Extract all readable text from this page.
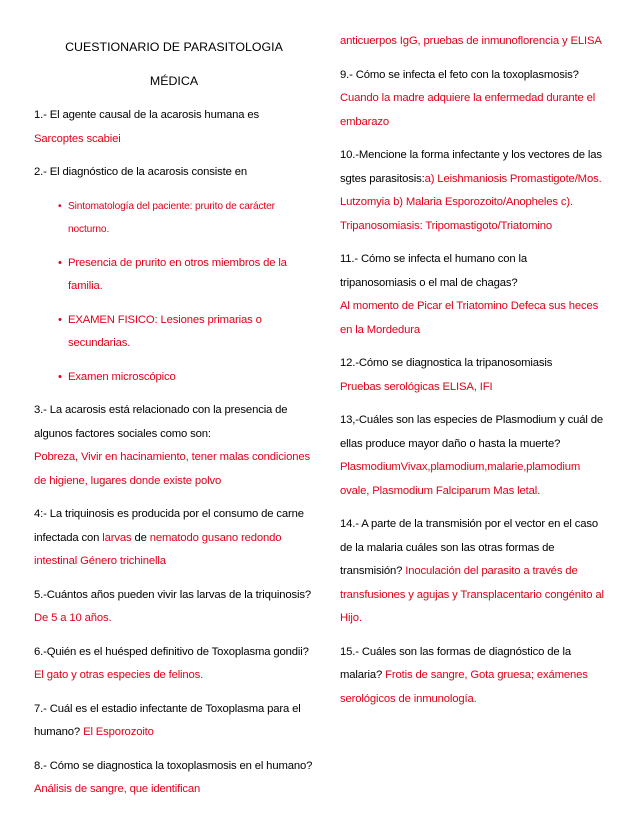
CUESTIONARIO DE PARASITOLOGIA
MÉDICA

1.- El agente causal de la acarosis humana es
Sarcoptes scabiei

2.- El diagnóstico de la acarosis consiste en

• Sintomatología del paciente: prurito de carácter nocturno.
• Presencia de prurito en otros miembros de la familia.
• EXAMEN FISICO: Lesiones primarias o secundarias.
• Examen microscópico

3.- La acarosis está relacionado con la presencia de algunos factores sociales como son:
Pobreza, Vivir en hacinamiento, tener malas condiciones de higiene, lugares donde existe polvo

4:- La triquinosis es producida por el consumo de carne infectada con larvas de nematodo gusano redondo intestinal Género trichinella

5.-Cuántos años pueden vivir las larvas de la triquinosis? De 5 a 10 años.

6.-Quién es el huésped definitivo de Toxoplasma gondii? El gato y otras especies de felinos.

7.- Cuál es el estadio infectante de Toxoplasma para el humano? El Esporozoito

8.- Cómo se diagnostica la toxoplasmosis en el humano? Análisis de sangre, que identifican

anticuerpos IgG, pruebas de inmunoflorencia y ELISA

9.- Cómo se infecta el feto con la toxoplasmosis?
Cuando la madre adquiere la enfermedad durante el embarazo

10.-Mencione la forma infectante y los vectores de las sgtes parasitosis:a) Leishmaniosis Promastigote/Mos. Lutzomyia b) Malaria Esporozoito/Anopheles c). Tripanosomiasis: Tripomastigoto/Triatomino

11.- Cómo se infecta el humano con la tripanosomiasis o el mal de chagas?
Al momento de Picar el Triatomino Defeca sus heces en la Mordedura

12.-Cómo se diagnostica la tripanosomiasis
Pruebas serológicas ELISA, IFI

13,-Cuáles son las especies de Plasmodium y cuál de ellas produce mayor daño o hasta la muerte?
PlasmodiumVivax,plamodium,malarie,plamodium ovale, Plasmodium Falciparum Mas letal.

14.- A parte de la transmisión por el vector en el caso de la malaria cuáles son las otras formas de transmisión? Inoculación del parasito a través de transfusiones y agujas y Transplacentario congénito al Hijo.

15.- Cuáles son las formas de diagnóstico de la malaria? Frotis de sangre, Gota gruesa; exámenes serológicos de inmunología.
